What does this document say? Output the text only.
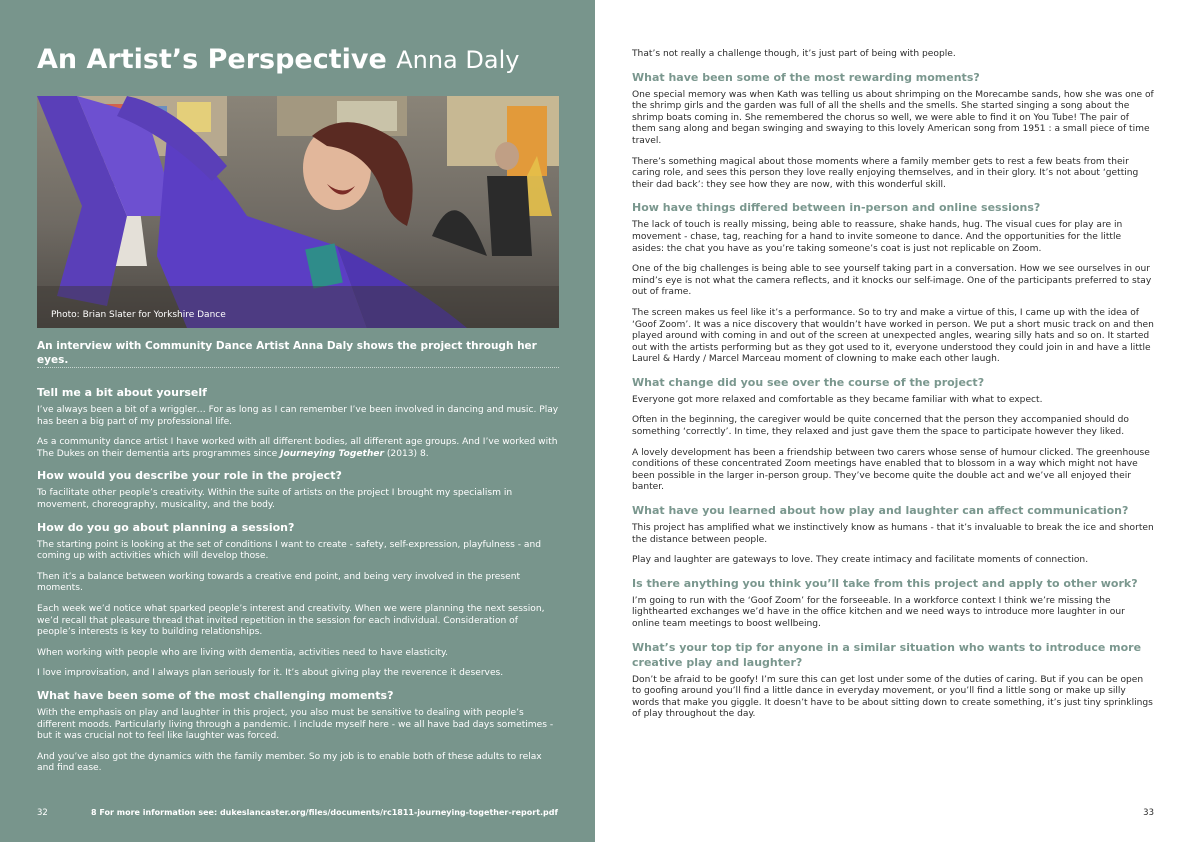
An Artist’s Perspective Anna Daly
Photo: Brian Slater for Yorkshire Dance

An interview with Community Dance Artist Anna Daly shows the project through her eyes.

Tell me a bit about yourself

I’ve always been a bit of a wriggler… For as long as I can remember I’ve been involved in dancing and music. Play has been a big part of my professional life.

As a community dance artist I have worked with all different bodies, all different age groups. And I’ve worked with The Dukes on their dementia arts programmes since Journeying Together (2013) 8.

How would you describe your role in the project?

To facilitate other people’s creativity. Within the suite of artists on the project I brought my specialism in movement, choreography, musicality, and the body.

How do you go about planning a session?

The starting point is looking at the set of conditions I want to create - safety, self-expression, playfulness - and coming up with activities which will develop those.

Then it’s a balance between working towards a creative end point, and being very involved in the present moments.

Each week we’d notice what sparked people’s interest and creativity. When we were planning the next session, we’d recall that pleasure thread that invited repetition in the session for each individual. Consideration of people’s interests is key to building relationships.

When working with people who are living with dementia, activities need to have elasticity.

I love improvisation, and I always plan seriously for it. It’s about giving play the reverence it deserves.

What have been some of the most challenging moments?

With the emphasis on play and laughter in this project, you also must be sensitive to dealing with people’s different moods. Particularly living through a pandemic. I include myself here - we all have bad days sometimes - but it was crucial not to feel like laughter was forced.

And you’ve also got the dynamics with the family member. So my job is to enable both of these adults to relax and find ease.

32	8 For more information see: dukeslancaster.org/files/documents/rc1811-journeying-together-report.pdf

That’s not really a challenge though, it’s just part of being with people.

What have been some of the most rewarding moments?

One special memory was when Kath was telling us about shrimping on the Morecambe sands, how she was one of the shrimp girls and the garden was full of all the shells and the smells. She started singing a song about the shrimp boats coming in. She remembered the chorus so well, we were able to find it on You Tube! The pair of them sang along and began swinging and swaying to this lovely American song from 1951 : a small piece of time travel.

There’s something magical about those moments where a family member gets to rest a few beats from their caring role, and sees this person they love really enjoying themselves, and in their glory. It’s not about ‘getting their dad back’: they see how they are now, with this wonderful skill.

How have things differed between in-person and online sessions?

The lack of touch is really missing, being able to reassure, shake hands, hug. The visual cues for play are in movement - chase, tag, reaching for a hand to invite someone to dance. And the opportunities for the little asides: the chat you have as you’re taking someone’s coat is just not replicable on Zoom.

One of the big challenges is being able to see yourself taking part in a conversation. How we see ourselves in our mind’s eye is not what the camera reflects, and it knocks our self-image. One of the participants preferred to stay out of frame.

The screen makes us feel like it’s a performance. So to try and make a virtue of this, I came up with the idea of ‘Goof Zoom’. It was a nice discovery that wouldn’t have worked in person. We put a short music track on and then played around with coming in and out of the screen at unexpected angles, wearing silly hats and so on. It started out with the artists performing but as they got used to it, everyone understood they could join in and have a little Laurel & Hardy / Marcel Marceau moment of clowning to make each other laugh.

What change did you see over the course of the project?

Everyone got more relaxed and comfortable as they became familiar with what to expect.

Often in the beginning, the caregiver would be quite concerned that the person they accompanied should do something ‘correctly’. In time, they relaxed and just gave them the space to participate however they liked.

A lovely development has been a friendship between two carers whose sense of humour clicked. The greenhouse conditions of these concentrated Zoom meetings have enabled that to blossom in a way which might not have been possible in the larger in-person group. They’ve become quite the double act and we’ve all enjoyed their banter.

What have you learned about how play and laughter can affect communication?

This project has amplified what we instinctively know as humans - that it’s invaluable to break the ice and shorten the distance between people.

Play and laughter are gateways to love. They create intimacy and facilitate moments of connection.

Is there anything you think you’ll take from this project and apply to other work?

I’m going to run with the ‘Goof Zoom’ for the forseeable. In a workforce context I think we’re missing the lighthearted exchanges we’d have in the office kitchen and we need ways to introduce more laughter in our online team meetings to boost wellbeing.

What’s your top tip for anyone in a similar situation who wants to introduce more creative play and laughter?

Don’t be afraid to be goofy! I’m sure this can get lost under some of the duties of caring. But if you can be open to goofing around you’ll find a little dance in everyday movement, or you’ll find a little song or make up silly words that make you giggle. It doesn’t have to be about sitting down to create something, it’s just tiny sprinklings of play throughout the day.

33
